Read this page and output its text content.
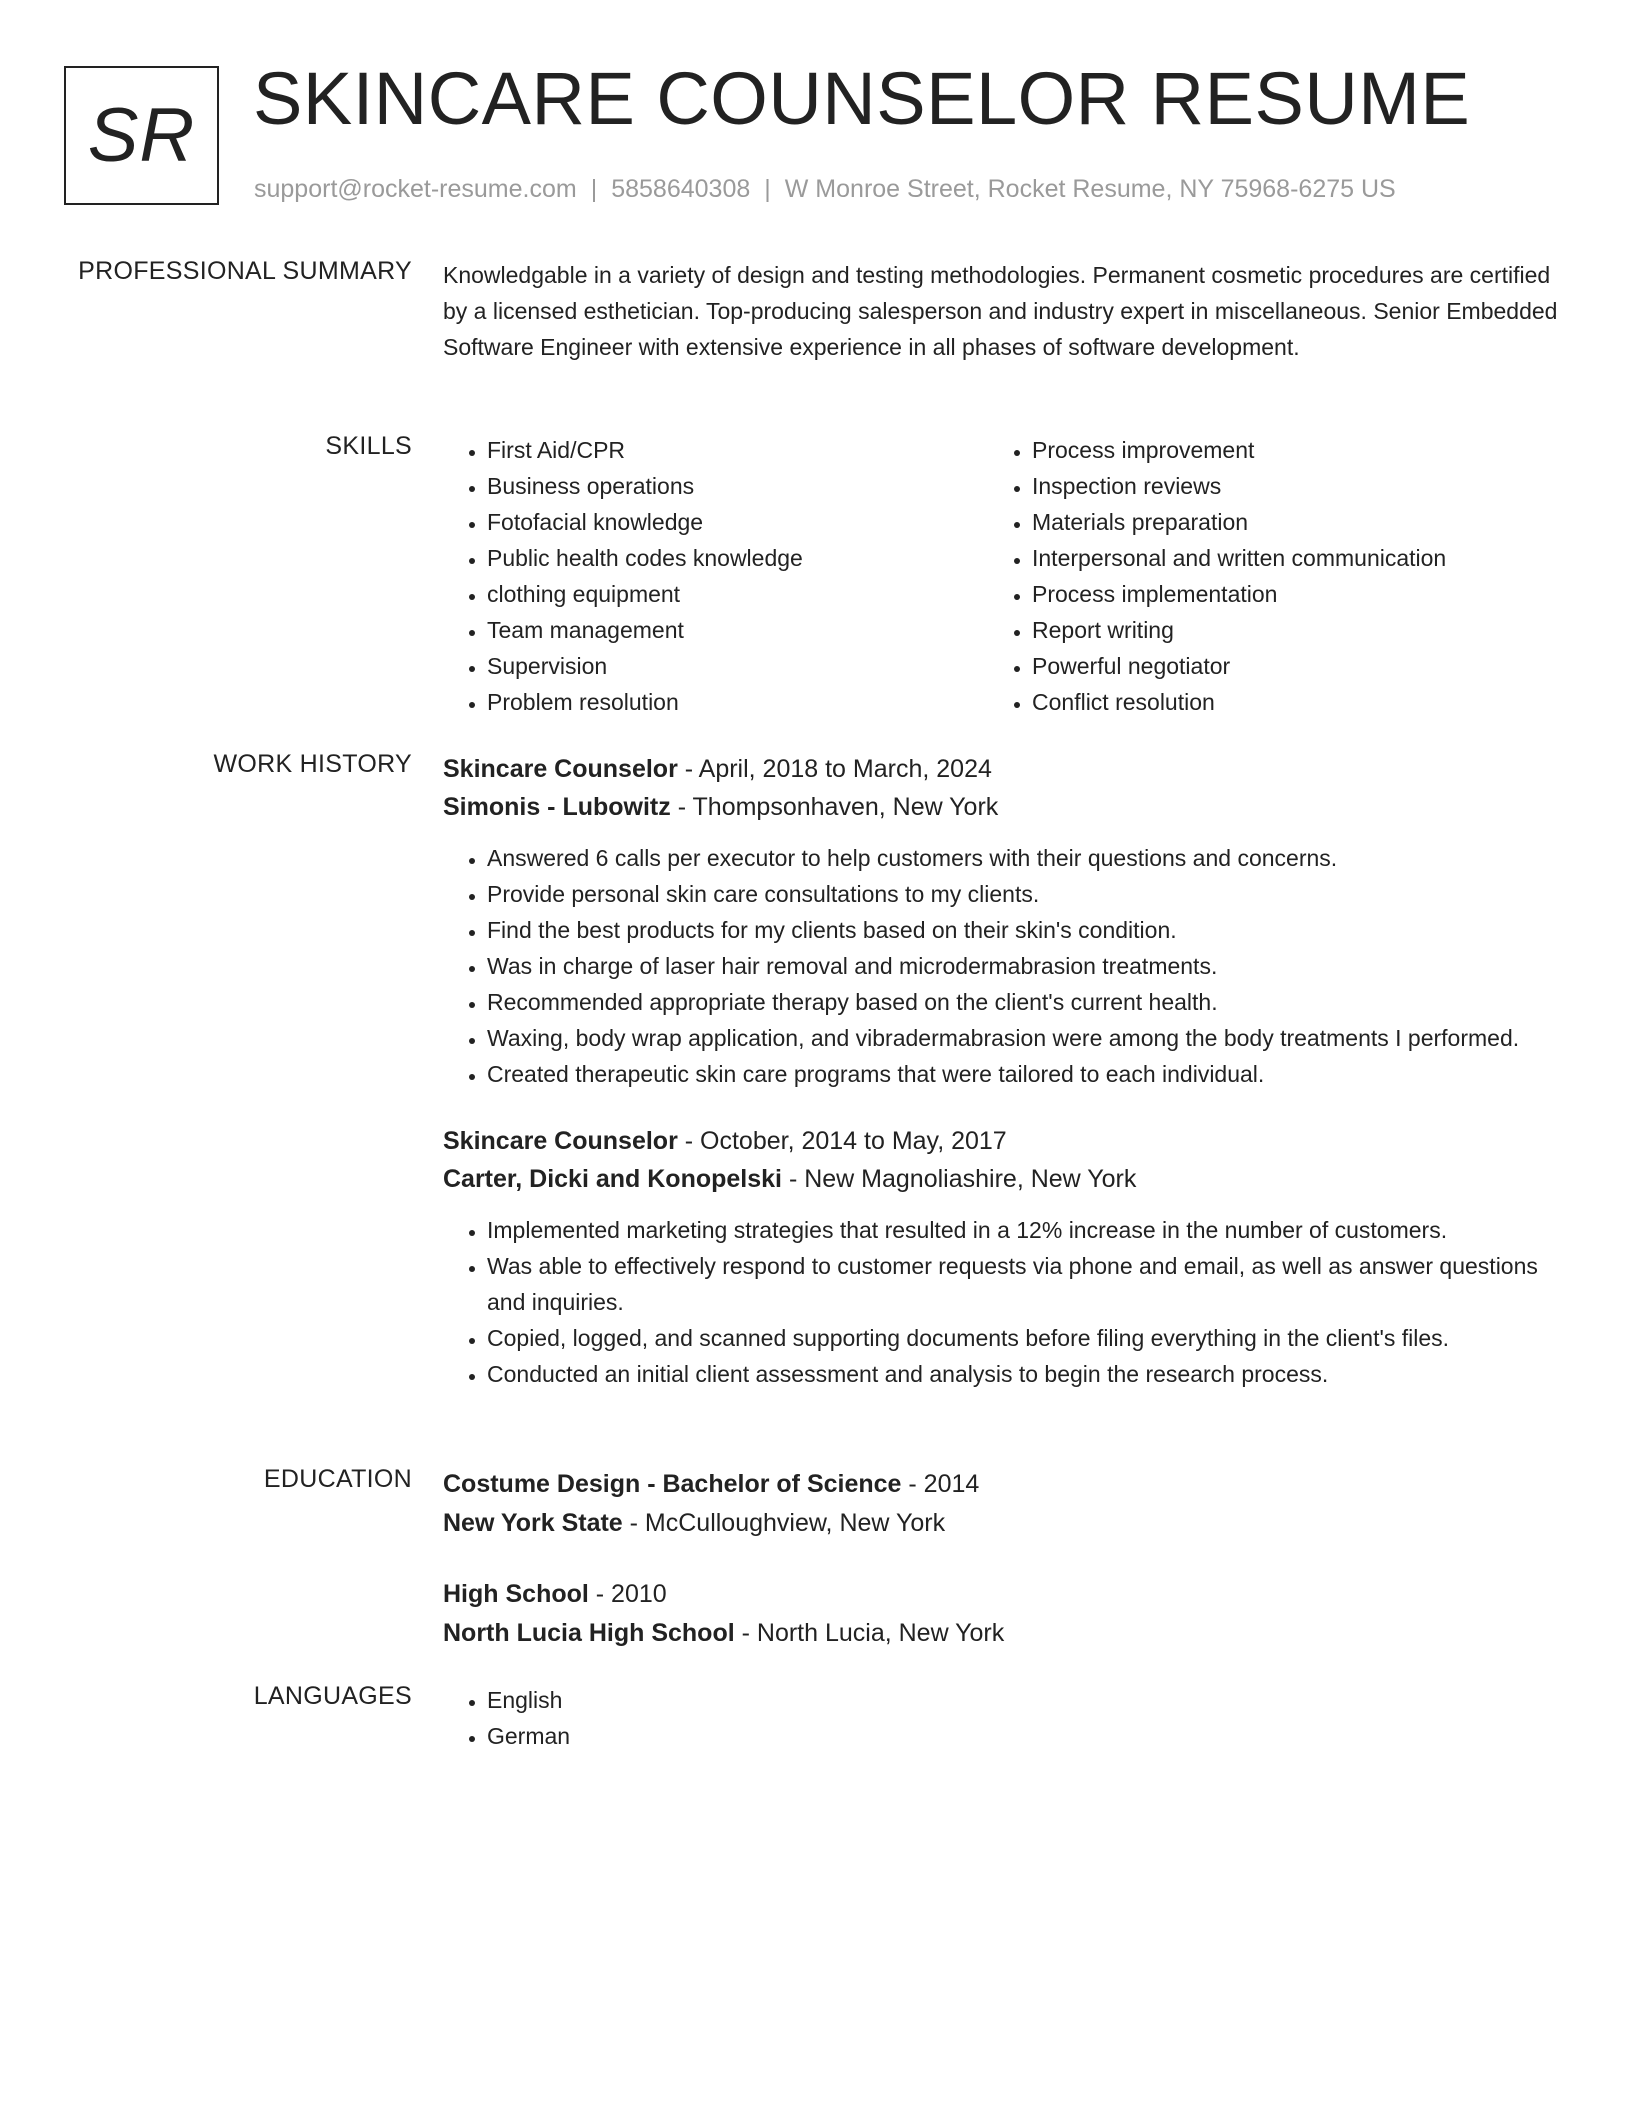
SR SKINCARE COUNSELOR RESUME
support@rocket-resume.com | 5858640308 | W Monroe Street, Rocket Resume, NY 75968-6275 US
PROFESSIONAL SUMMARY Knowledgable in a variety of design and testing methodologies. Permanent cosmetic procedures are certified by a licensed esthetician. Top-producing salesperson and industry expert in miscellaneous. Senior Embedded Software Engineer with extensive experience in all phases of software development.

SKILLS	• First Aid/CPR
• Business operations
• Fotofacial knowledge
• Public health codes knowledge
• clothing equipment
• Team management
• Supervision
• Problem resolution
• Process improvement
• Inspection reviews
• Materials preparation
• Interpersonal and written communication
• Process implementation
• Report writing
• Powerful negotiator
• Conflict resolution
WORK HISTORY Skincare Counselor - April, 2018 to March, 2024
Simonis - Lubowitz - Thompsonhaven, New York
• Answered 6 calls per executor to help customers with their questions and concerns.
• Provide personal skin care consultations to my clients.
• Find the best products for my clients based on their skin's condition.
• Was in charge of laser hair removal and microdermabrasion treatments.
• Recommended appropriate therapy based on the client's current health.
• Waxing, body wrap application, and vibradermabrasion were among the body treatments I performed.
• Created therapeutic skin care programs that were tailored to each individual.
Skincare Counselor - October, 2014 to May, 2017
Carter, Dicki and Konopelski - New Magnoliashire, New York
• Implemented marketing strategies that resulted in a 12% increase in the number of customers.
• Was able to effectively respond to customer requests via phone and email, as well as answer questions and inquiries.
• Copied, logged, and scanned supporting documents before filing everything in the client's files.
• Conducted an initial client assessment and analysis to begin the research process.
EDUCATION Costume Design - Bachelor of Science - 2014
New York State - McCulloughview, New York
High School - 2010
North Lucia High School - North Lucia, New York
LANGUAGES	• English
• German
